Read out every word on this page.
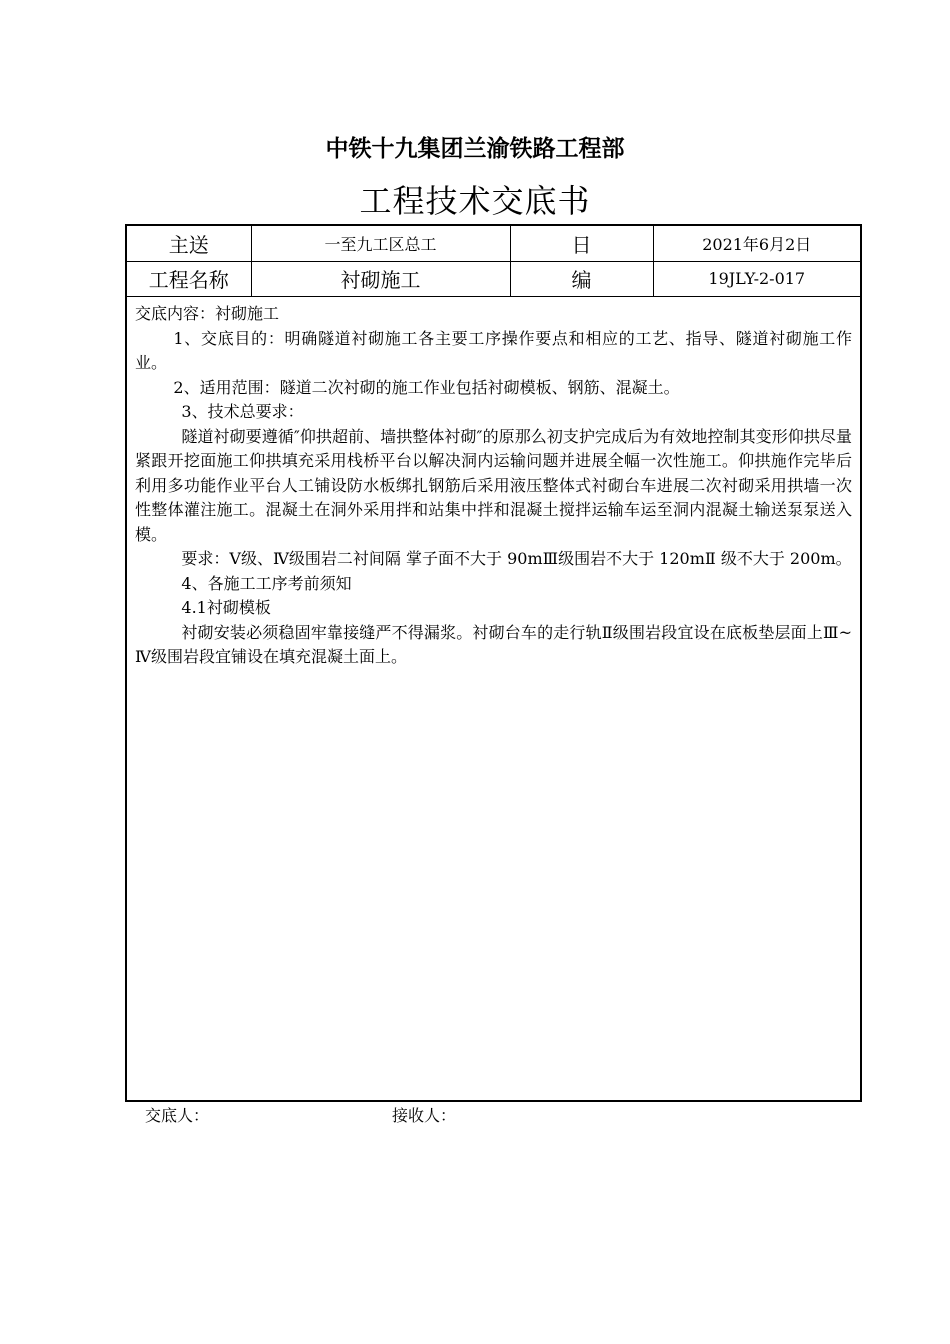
中铁十九集团兰渝铁路工程部
工程技术交底书
主送	一至九工区总工	日	2021年6月2日
工程名称	衬砌施工	编	19JLY-2-017

交底内容：衬砌施工

1、交底目的：明确隧道衬砌施工各主要工序操作要点和相应的工艺、指导、隧道衬砌施工作业。

2、适用范围：隧道二次衬砌的施工作业包括衬砌模板、钢筋、混凝土。

3、技术总要求：

隧道衬砌要遵循″仰拱超前、墙拱整体衬砌″的原那么初支护完成后为有效地控制其变形仰拱尽量紧跟开挖面施工仰拱填充采用栈桥平台以解决洞内运输问题并进展全幅一次性施工。仰拱施作完毕后利用多功能作业平台人工铺设防水板绑扎钢筋后采用液压整体式衬砌台车进展二次衬砌采用拱墙一次性整体灌注施工。混凝土在洞外采用拌和站集中拌和混凝土搅拌运输车运至洞内混凝土输送泵泵送入模。

要求：Ⅴ级、Ⅳ级围岩二衬间隔 掌子面不大于 90mⅢ级围岩不大于 120mⅡ 级不大于 200m。

4、各施工工序考前须知

4.1衬砌模板

衬砌安装必须稳固牢靠接缝严不得漏浆。衬砌台车的走行轨Ⅱ级围岩段宜设在底板垫层面上Ⅲ~Ⅳ级围岩段宜铺设在填充混凝土面上。

交底人：	接收人：
